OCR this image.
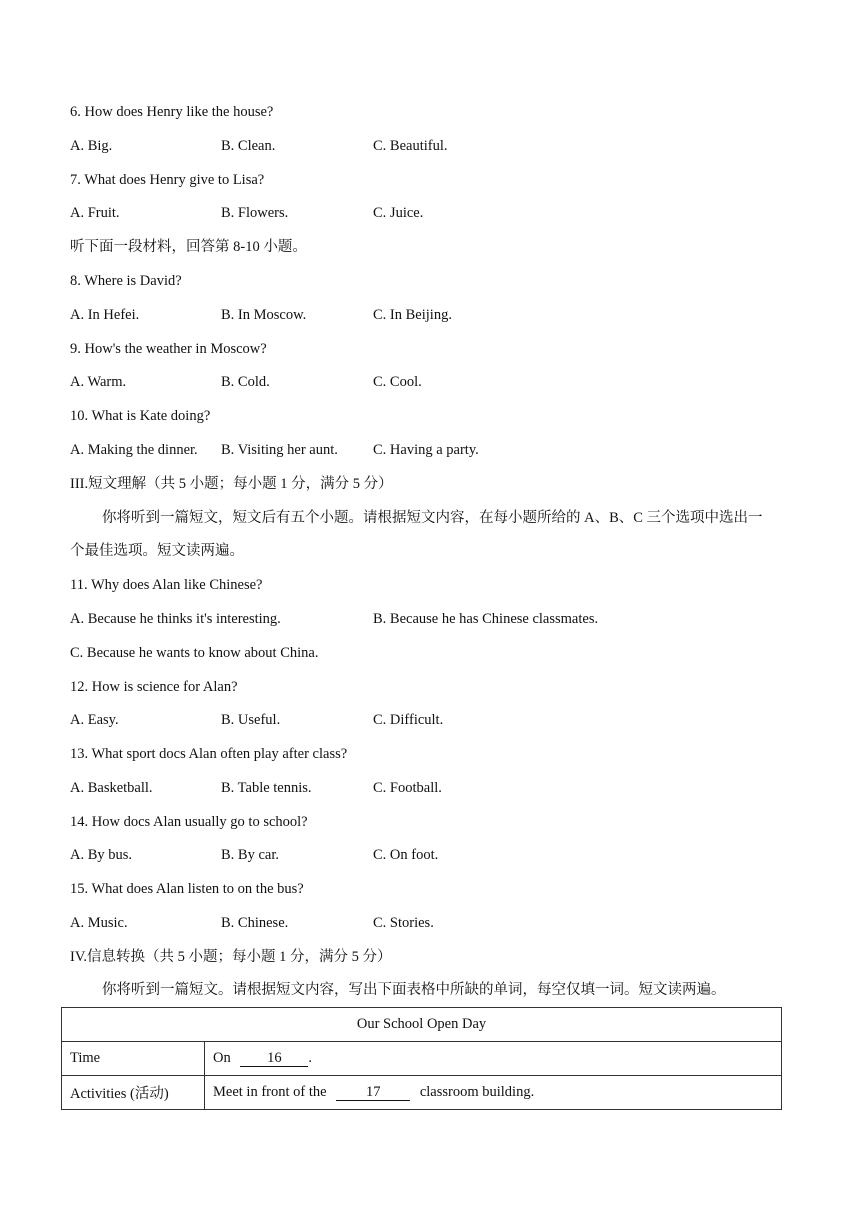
6. How does Henry like the house?
A. Big.	B. Clean.	C. Beautiful.
7. What does Henry give to Lisa?
A. Fruit.	B. Flowers.	C. Juice.
听下面一段材料，回答第 8-10 小题。
8. Where is David?
A. In Hefei.	B. In Moscow.	C. In Beijing.
9. How's the weather in Moscow?
A. Warm.	B. Cold.	C. Cool.
10. What is Kate doing?
A. Making the dinner. B. Visiting her aunt. C. Having a party.
III.短文理解（共 5 小题；每小题 1 分，满分 5 分）
你将听到一篇短文，短文后有五个小题。请根据短文内容，在每小题所给的 A、B、C 三个选项中选出一
个最佳选项。短文读两遍。
11. Why does Alan like Chinese?
A. Because he thinks it's interesting.	B. Because he has Chinese classmates.
C. Because he wants to know about China.
12. How is science for Alan?
A. Easy.	B. Useful.	C. Difficult.
13. What sport docs Alan often play after class?
A. Basketball.	B. Table tennis.	C. Football.
14. How docs Alan usually go to school?
A. By bus.	B. By car.	C. On foot.
15. What does Alan listen to on the bus?
A. Music.	B. Chinese.	C. Stories.
IV.信息转换（共 5 小题；每小题 1 分，满分 5 分）
你将听到一篇短文。请根据短文内容，写出下面表格中所缺的单词，每空仅填一词。短文读两遍。
Our School Open Day	
Time	On 16 .
Activities (活动)	Meet in front of the 17 classroom building.
